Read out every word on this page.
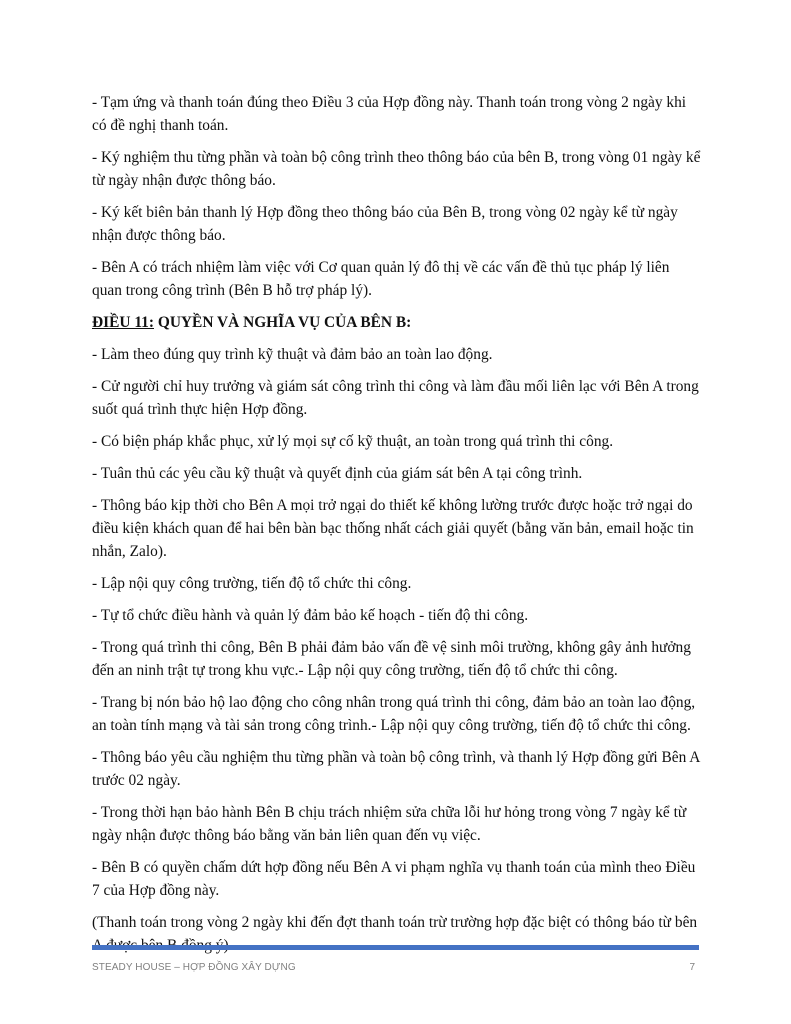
- Tạm ứng và thanh toán đúng theo Điều 3 của Hợp đồng này. Thanh toán trong vòng 2 ngày khi có đề nghị thanh toán.

- Ký nghiệm thu từng phần và toàn bộ công trình theo thông báo của bên B, trong vòng 01 ngày kể từ ngày nhận được thông báo.

- Ký kết biên bản thanh lý Hợp đồng theo thông báo của Bên B, trong vòng 02 ngày kể từ ngày nhận được thông báo.

- Bên A có trách nhiệm làm việc với Cơ quan quản lý đô thị về các vấn đề thủ tục pháp lý liên quan trong công trình (Bên B hỗ trợ pháp lý).

ĐIỀU 11: QUYỀN VÀ NGHĨA VỤ CỦA BÊN B:

- Làm theo đúng quy trình kỹ thuật và đảm bảo an toàn lao động.

- Cử người chỉ huy trưởng và giám sát công trình thi công và làm đầu mối liên lạc với Bên A trong suốt quá trình thực hiện Hợp đồng.

- Có biện pháp khắc phục, xử lý mọi sự cố kỹ thuật, an toàn trong quá trình thi công.

- Tuân thủ các yêu cầu kỹ thuật và quyết định của giám sát bên A tại công trình.

- Thông báo kịp thời cho Bên A mọi trở ngại do thiết kế không lường trước được hoặc trở ngại do điều kiện khách quan để hai bên bàn bạc thống nhất cách giải quyết (bằng văn bản, email hoặc tin nhắn, Zalo).

- Lập nội quy công trường, tiến độ tổ chức thi công.

- Tự tổ chức điều hành và quản lý đảm bảo kế hoạch - tiến độ thi công.

- Trong quá trình thi công, Bên B phải đảm bảo vấn đề vệ sinh môi trường, không gây ảnh hưởng đến an ninh trật tự trong khu vực.- Lập nội quy công trường, tiến độ tổ chức thi công.

- Trang bị nón bảo hộ lao động cho công nhân trong quá trình thi công, đảm bảo an toàn lao động, an toàn tính mạng và tài sản trong công trình.- Lập nội quy công trường, tiến độ tổ chức thi công.

- Thông báo yêu cầu nghiệm thu từng phần và toàn bộ công trình, và thanh lý Hợp đồng gửi Bên A trước 02 ngày.

- Trong thời hạn bảo hành Bên B chịu trách nhiệm sửa chữa lỗi hư hỏng trong vòng 7 ngày kể từ ngày nhận được thông báo bằng văn bản liên quan đến vụ việc.

- Bên B có quyền chấm dứt hợp đồng nếu Bên A vi phạm nghĩa vụ thanh toán của mình theo Điều 7 của Hợp đồng này.

(Thanh toán trong vòng 2 ngày khi đến đợt thanh toán trừ trường hợp đặc biệt có thông báo từ bên

STEADY HOUSE – HỢP ĐỒNG XÂY DỰNG	7
